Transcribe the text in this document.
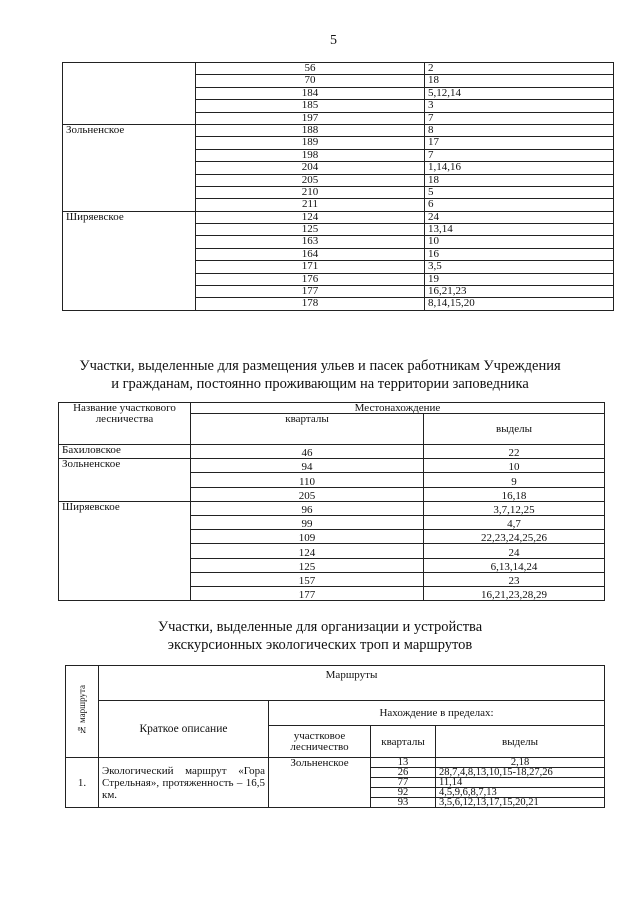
5
	56	2
	70	18
	184	5,12,14
	185	3
	197	7
Зольненское	188	8
	189	17
	198	7
	204	1,14,16
	205	18
	210	5
	211	6
Ширяевское	124	24
	125	13,14
	163	10
	164	16
	171	3,5
	176	19
	177	16,21,23
	178	8,14,15,20
Участки, выделенные для размещения ульев и пасек работникам Учреждения
и гражданам, постоянно проживающим на территории заповедника
Название участкового лесничества	Местонахождение	
	кварталы	выделы
Бахиловское	46	22
Зольненское	94	10
	110	9
	205	16,18
Ширяевское	96	3,7,12,25
	99	4,7
	109	22,23,24,25,26
	124	24
	125	6,13,14,24
	157	23
	177	16,21,23,28,29
Участки, выделенные для организации и устройства
экскурсионных экологических троп и маршрутов
№ маршрута	Маршруты			
	Краткое описание	Нахождение в пределах:		
		участковое лесничество	кварталы	выделы
1.	Экологический маршрут «Гора Стрельная», протяженность – 16,5 км.	Зольненское	13	2,18
			26	28,7,4,8,13,10,15-18,27,26
			77	11,14
			92	4,5,9,6,8,7,13
			93	3,5,6,12,13,17,15,20,21
